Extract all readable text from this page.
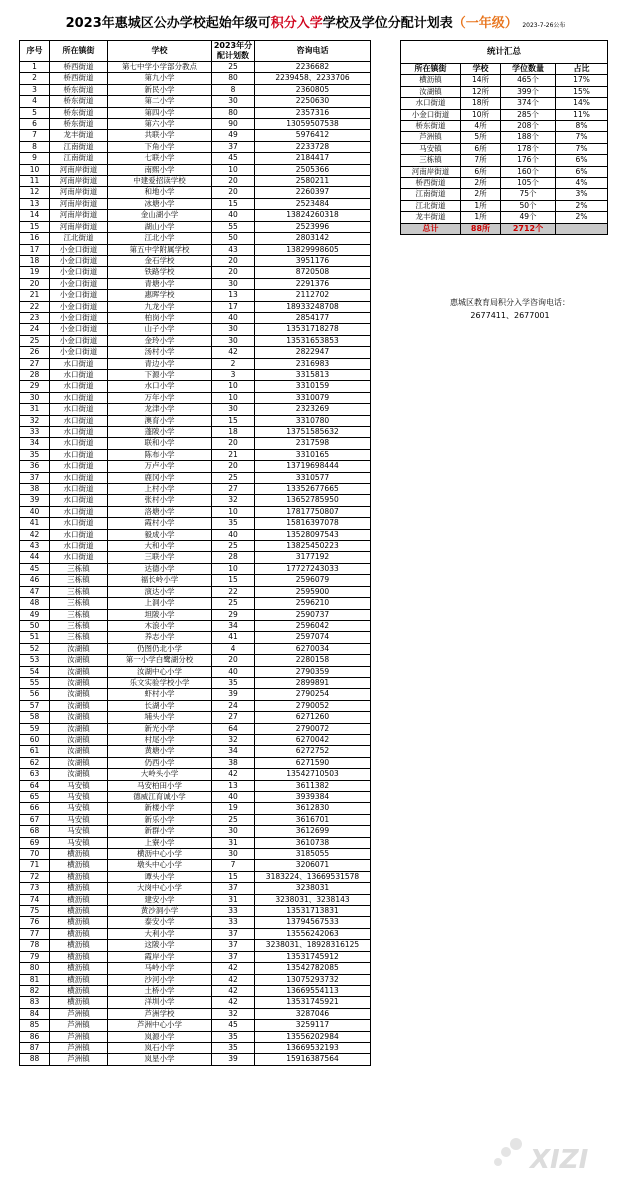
2023年惠城区公办学校起始年级可积分入学学校及学位分配计划表（一年级） 2023-7-26公布
序号	所在镇街	学校	2023年分配计划数	咨询电话
1	桥西街道	第七中学小学部分教点	25	2236682
2	桥西街道	第九小学	80	2239458、2233706
3	桥东街道	新民小学	8	2360805
4	桥东街道	第二小学	30	2250630
5	桥东街道	第四小学	80	2357316
6	桥东街道	第六小学	90	13059507538
7	龙丰街道	共联小学	49	5976412
8	江南街道	下角小学	37	2233728
9	江南街道	七联小学	45	2184417
10	河南岸街道	南熙小学	10	2505366
11	河南岸街道	中建爱招读学校	20	2580211
12	河南岸街道	和地小学	20	2260397
13	河南岸街道	冰塘小学	15	2523484
14	河南岸街道	金山湖小学	40	13824260318
15	河南岸街道	湖山小学	55	2523996
16	江北街道	江北小学	50	2803142
17	小金口街道	第五中学附属学校	43	13829998605
18	小金口街道	金石学校	20	3951176
19	小金口街道	铁路学校	20	8720508
20	小金口街道	青塘小学	30	2291376
21	小金口街道	惠晖学校	13	2112702
22	小金口街道	九龙小学	17	18933248708
23	小金口街道	柏岗小学	40	2854177
24	小金口街道	山子小学	30	13531718278
25	小金口街道	金玲小学	30	13531653853
26	小金口街道	汤村小学	42	2822947
27	水口街道	青边小学	2	2316983
28	水口街道	下源小学	3	3315813
29	水口街道	水口小学	10	3310159
30	水口街道	万年小学	10	3310079
31	水口街道	龙津小学	30	2323269
32	水口街道	澳育小学	15	3310780
33	水口街道	蓬陂小学	18	13751585632
34	水口街道	联和小学	20	2317598
35	水口街道	陈布小学	21	3310165
36	水口街道	万卢小学	20	13719698444
37	水口街道	鹿冈小学	25	3310577
38	水口街道	上村小学	27	13352677665
39	水口街道	张村小学	32	13652785950
40	水口街道	洛塘小学	10	17817750807
41	水口街道	霞村小学	35	15816397078
42	水口街道	毅成小学	40	13528097543
43	水口街道	大和小学	25	13825450223
44	水口街道	三联小学	28	3177192
45	三栋镇	达德小学	10	17727243033
46	三栋镇	福长岭小学	15	2596079
47	三栋镇	演达小学	22	2595900
48	三栋镇	上洞小学	25	2596210
49	三栋镇	坦陂小学	29	2590737
50	三栋镇	木浪小学	34	2596042
51	三栋镇	养志小学	41	2597074
52	汝湖镇	仍图仍北小学	4	6270034
53	汝湖镇	第一小学白鹭湖分校	20	2280158
54	汝湖镇	汝湖中心小学	40	2790359
55	汝湖镇	乐文实验学校小学	35	2899891
56	汝湖镇	虾村小学	39	2790254
57	汝湖镇	长湖小学	24	2790052
58	汝湖镇	埔头小学	27	6271260
59	汝湖镇	新光小学	64	2790072
60	汝湖镇	村尾小学	32	6270042
61	汝湖镇	黄塘小学	34	6272752
62	汝湖镇	仍西小学	38	6271590
63	汝湖镇	大岭头小学	42	13542710503
64	马安镇	马安柏田小学	13	3611382
65	马安镇	德威江育诚小学	40	3939384
66	马安镇	新楼小学	19	3612830
67	马安镇	新乐小学	25	3616701
68	马安镇	新群小学	30	3612699
69	马安镇	上寮小学	31	3610738
70	横沥镇	横沥中心小学	30	3185055
71	横沥镇	墩头中心小学	7	3206071
72	横沥镇	谭头小学	15	3183224、13669531578
73	横沥镇	大岗中心小学	37	3238031
74	横沥镇	建安小学	31	3238031、3238143
75	横沥镇	黄沙洞小学	33	13531713831
76	横沥镇	泰安小学	33	13794567533
77	横沥镇	大利小学	37	13556242063
78	横沥镇	这陂小学	37	3238031、18928316125
79	横沥镇	霞岸小学	37	13531745912
80	横沥镇	马岭小学	42	13542782085
81	横沥镇	沙河小学	42	13075293732
82	横沥镇	土桥小学	42	13669554113
83	横沥镇	洋圳小学	42	13531745921
84	芦洲镇	芦洲学校	32	3287046
85	芦洲镇	芦洲中心小学	45	3259117
86	芦洲镇	岚源小学	35	13556202984
87	芦洲镇	岚石小学	35	13669532193
88	芦洲镇	岚星小学	39	15916387564
统计汇总			
所在镇街	学校	学位数量	占比
横沥镇	14所	465个	17%
汝湖镇	12所	399个	15%
水口街道	18所	374个	14%
小金口街道	10所	285个	11%
桥东街道	4所	208个	8%
芦洲镇	5所	188个	7%
马安镇	6所	178个	7%
三栋镇	7所	176个	6%
河南岸街道	6所	160个	6%
桥西街道	2所	105个	4%
江南街道	2所	75个	3%
江北街道	1所	50个	2%
龙丰街道	1所	49个	2%
总计	88所	2712个	
惠城区教育局积分入学咨询电话：
2677411、2677001
XIZI
